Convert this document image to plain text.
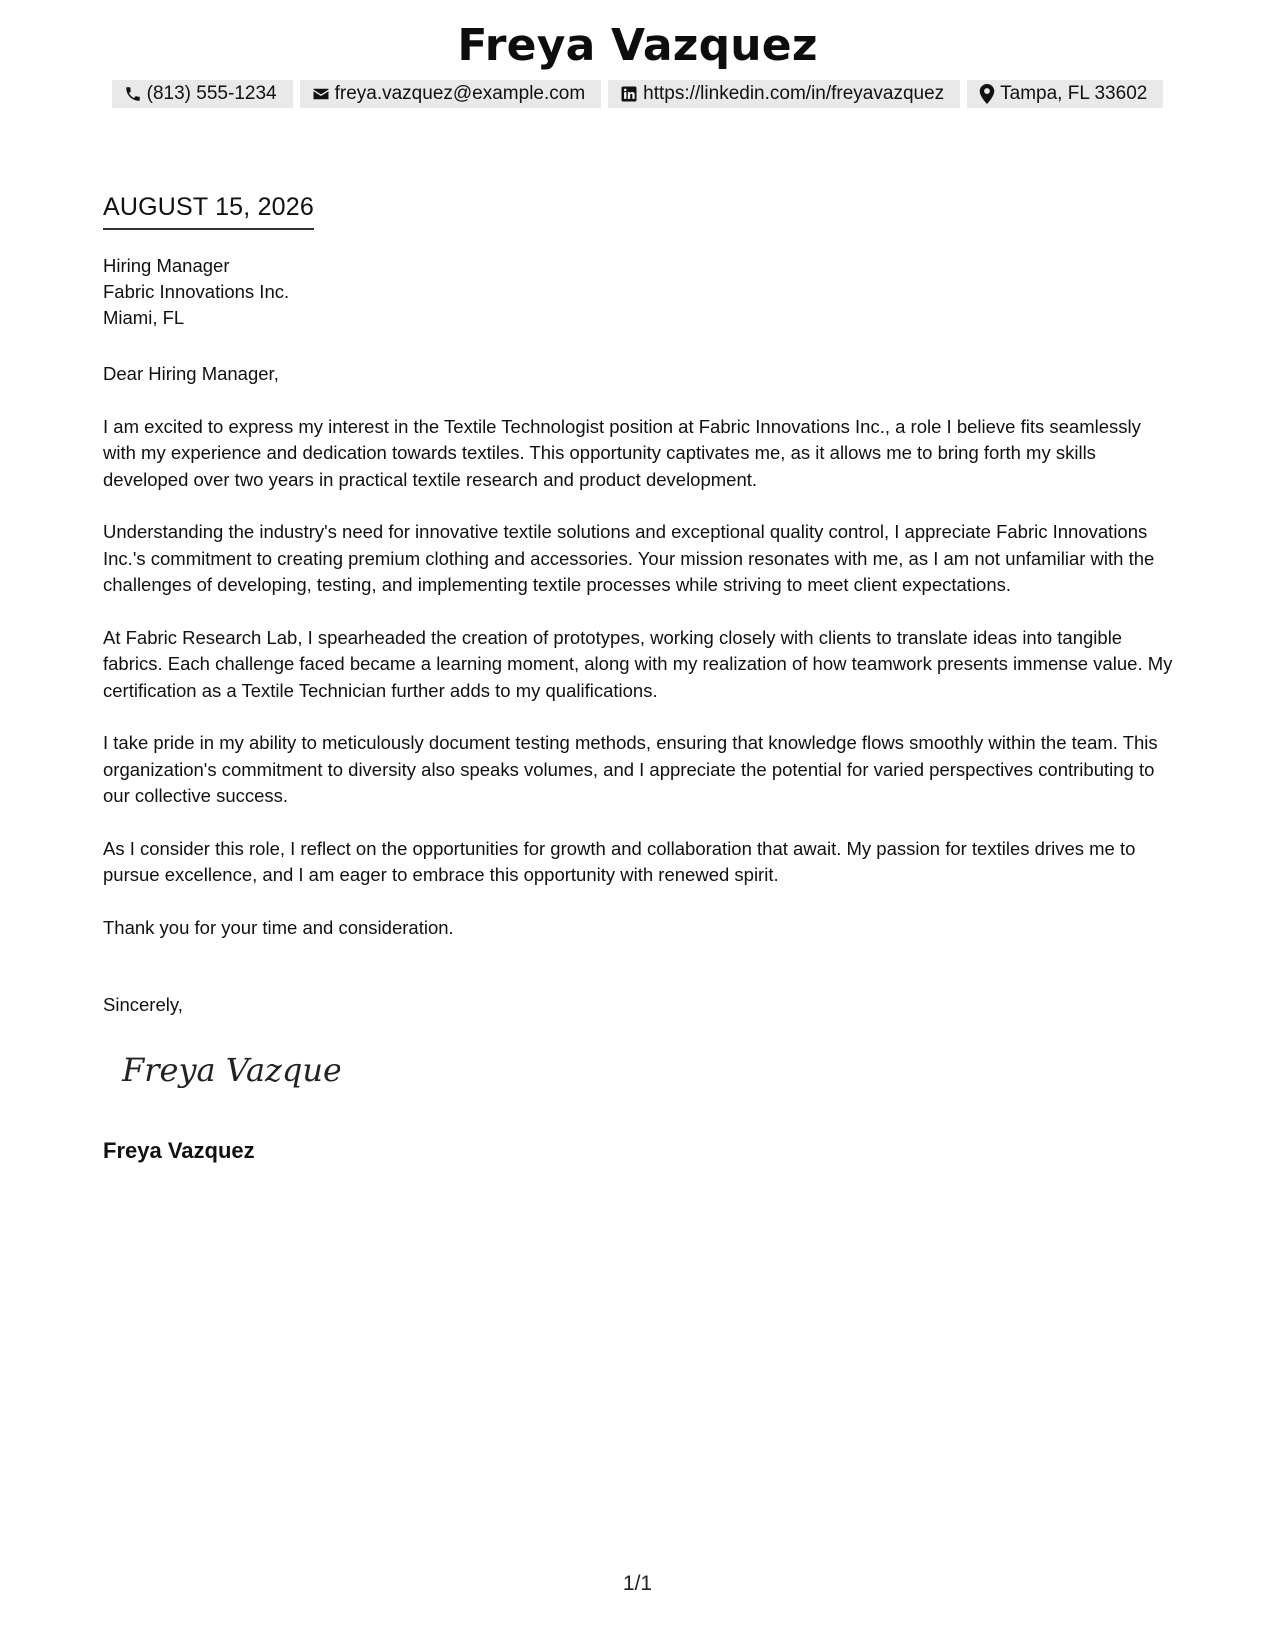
Freya Vazquez
(813) 555-1234	freya.vazquez@example.com	https://linkedin.com/in/freyavazquez	Tampa, FL 33602
AUGUST 15, 2026
Hiring Manager
Fabric Innovations Inc.
Miami, FL

Dear Hiring Manager,

I am excited to express my interest in the Textile Technologist position at Fabric Innovations Inc., a role I believe fits seamlessly with my experience and dedication towards textiles. This opportunity captivates me, as it allows me to bring forth my skills developed over two years in practical textile research and product development.

Understanding the industry's need for innovative textile solutions and exceptional quality control, I appreciate Fabric Innovations Inc.'s commitment to creating premium clothing and accessories. Your mission resonates with me, as I am not unfamiliar with the challenges of developing, testing, and implementing textile processes while striving to meet client expectations.

At Fabric Research Lab, I spearheaded the creation of prototypes, working closely with clients to translate ideas into tangible fabrics. Each challenge faced became a learning moment, along with my realization of how teamwork presents immense value. My certification as a Textile Technician further adds to my qualifications.

I take pride in my ability to meticulously document testing methods, ensuring that knowledge flows smoothly within the team. This organization's commitment to diversity also speaks volumes, and I appreciate the potential for varied perspectives contributing to our collective success.

As I consider this role, I reflect on the opportunities for growth and collaboration that await. My passion for textiles drives me to pursue excellence, and I am eager to embrace this opportunity with renewed spirit.

Thank you for your time and consideration.

Sincerely,
Freya Vazquez
Freya Vazquez
1/1
